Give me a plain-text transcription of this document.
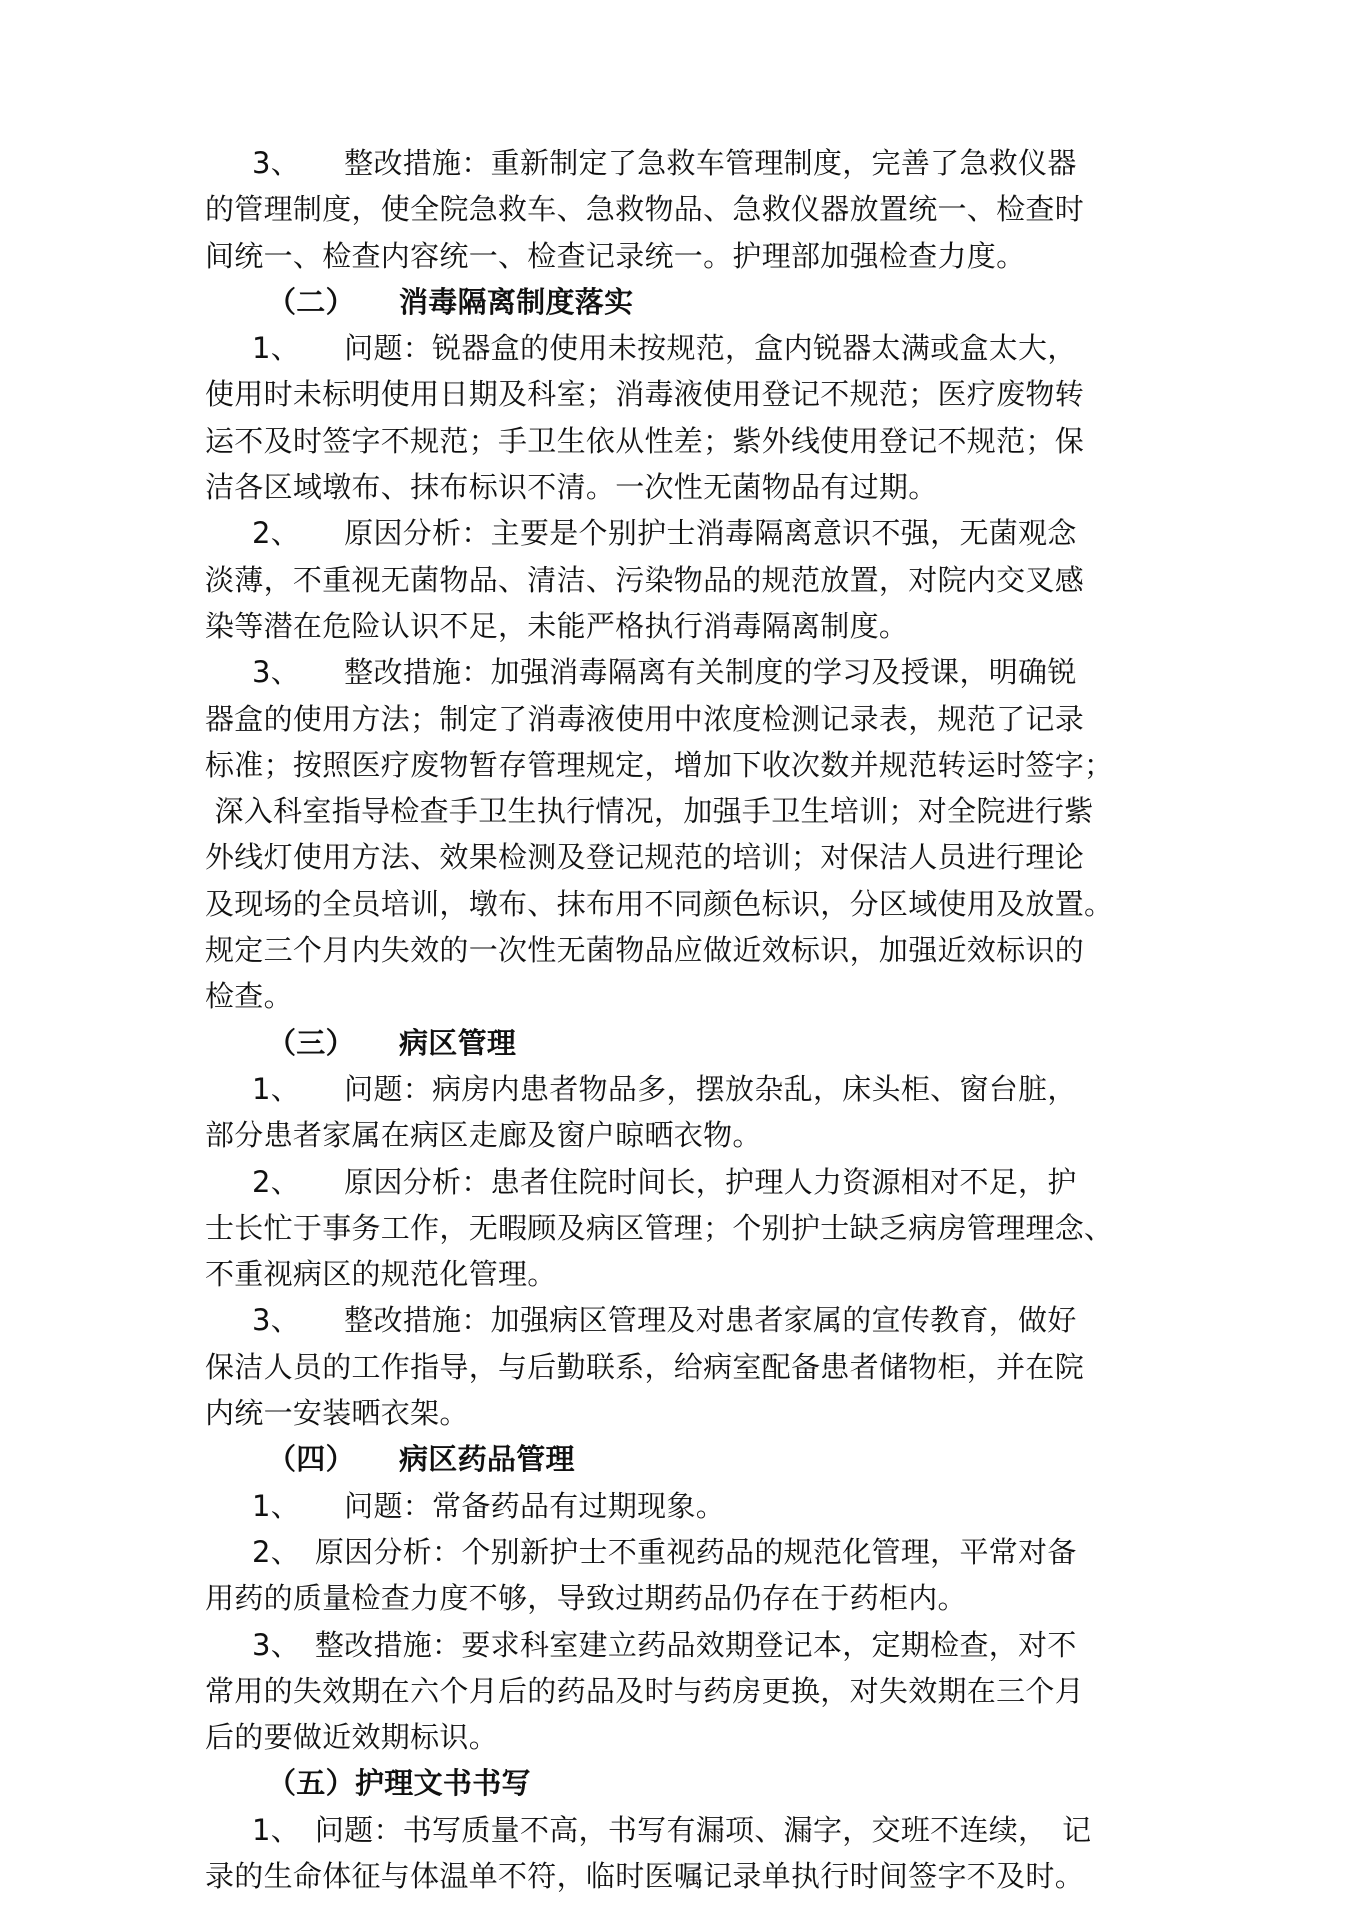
3、　　整改措施：重新制定了急救车管理制度，完善了急救仪器
的管理制度，使全院急救车、急救物品、急救仪器放置统一、检查时
间统一、检查内容统一、检查记录统一。护理部加强检查力度。
（二） 消毒隔离制度落实
1、　　问题：锐器盒的使用未按规范，盒内锐器太满或盒太大，
使用时未标明使用日期及科室；消毒液使用登记不规范；医疗废物转
运不及时签字不规范；手卫生依从性差；紫外线使用登记不规范；保
洁各区域墩布、抹布标识不清。一次性无菌物品有过期。
2、　　原因分析：主要是个别护士消毒隔离意识不强，无菌观念
淡薄，不重视无菌物品、清洁、污染物品的规范放置，对院内交叉感
染等潜在危险认识不足，未能严格执行消毒隔离制度。
3、　　整改措施：加强消毒隔离有关制度的学习及授课，明确锐
器盒的使用方法；制定了消毒液使用中浓度检测记录表，规范了记录
标准；按照医疗废物暂存管理规定，增加下收次数并规范转运时签字；
深入科室指导检查手卫生执行情况，加强手卫生培训；对全院进行紫
外线灯使用方法、效果检测及登记规范的培训；对保洁人员进行理论
及现场的全员培训，墩布、抹布用不同颜色标识，分区域使用及放置。
规定三个月内失效的一次性无菌物品应做近效标识，加强近效标识的
检查。
（三） 病区管理
1、　　问题：病房内患者物品多，摆放杂乱，床头柜、窗台脏，
部分患者家属在病区走廊及窗户晾晒衣物。
2、　　原因分析：患者住院时间长，护理人力资源相对不足，护
士长忙于事务工作，无暇顾及病区管理；个别护士缺乏病房管理理念、
不重视病区的规范化管理。
3、　　整改措施：加强病区管理及对患者家属的宣传教育，做好
保洁人员的工作指导，与后勤联系，给病室配备患者储物柜，并在院
内统一安装晒衣架。
（四） 病区药品管理
1、　　问题：常备药品有过期现象。
2、　原因分析：个别新护士不重视药品的规范化管理，平常对备
用药的质量检查力度不够，导致过期药品仍存在于药柜内。
3、　整改措施：要求科室建立药品效期登记本，定期检查，对不
常用的失效期在六个月后的药品及时与药房更换，对失效期在三个月
后的要做近效期标识。
（五）护理文书书写
1、　问题：书写质量不高，书写有漏项、漏字，交班不连续，　记
录的生命体征与体温单不符，临时医嘱记录单执行时间签字不及时。
